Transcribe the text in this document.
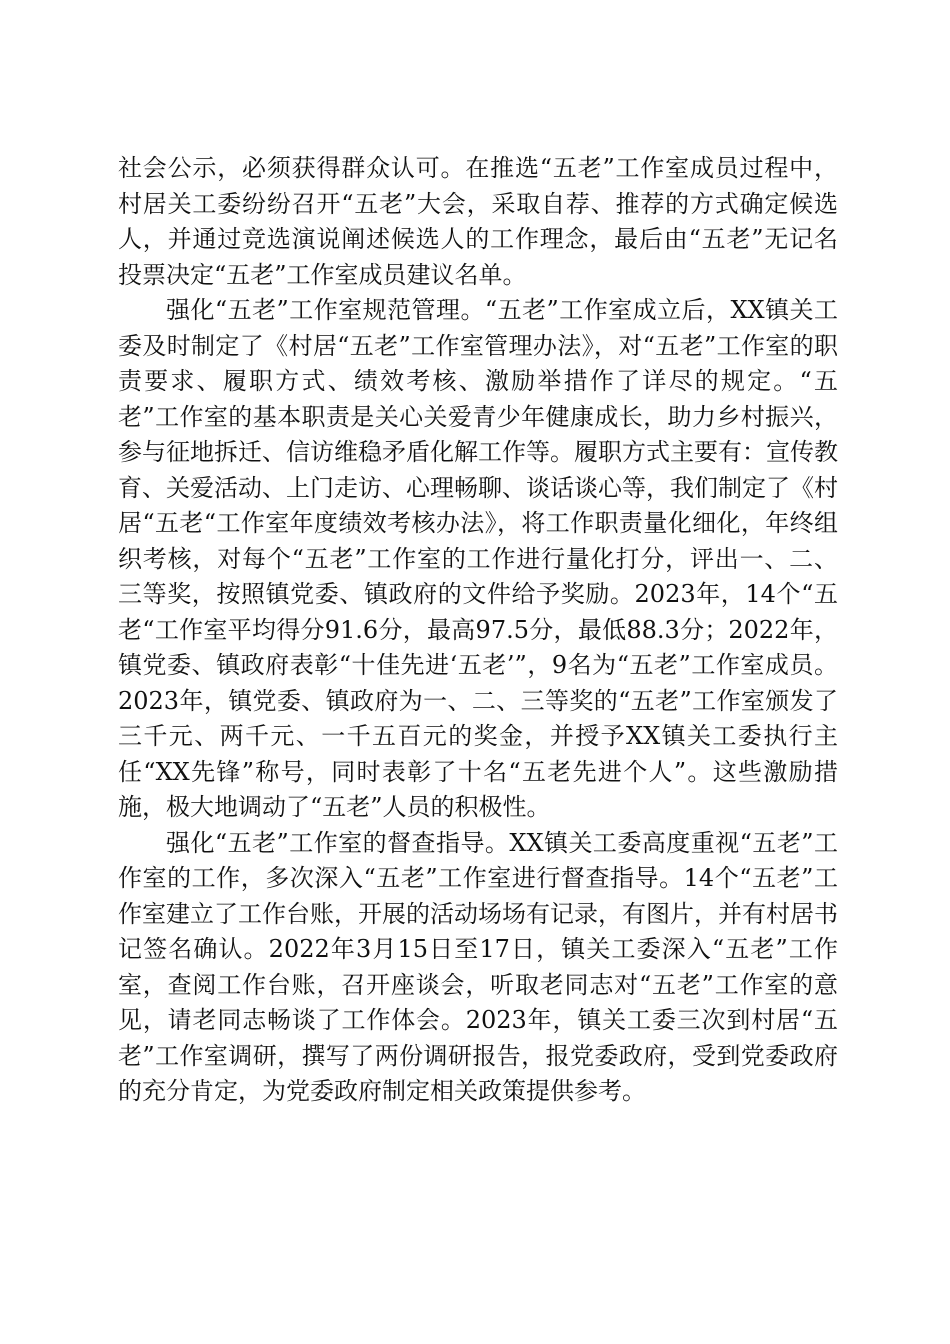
社会公示，必须获得群众认可。在推选“五老”工作室成员过程中，村居关工委纷纷召开“五老”大会，采取自荐、推荐的方式确定候选人，并通过竞选演说阐述候选人的工作理念，最后由“五老”无记名投票决定“五老”工作室成员建议名单。

强化“五老”工作室规范管理。“五老”工作室成立后，XX镇关工委及时制定了《村居“五老”工作室管理办法》，对“五老”工作室的职责要求、履职方式、绩效考核、激励举措作了详尽的规定。“五老”工作室的基本职责是关心关爱青少年健康成长，助力乡村振兴，参与征地拆迁、信访维稳矛盾化解工作等。履职方式主要有：宣传教育、关爱活动、上门走访、心理畅聊、谈话谈心等，我们制定了《村居“五老“工作室年度绩效考核办法》，将工作职责量化细化，年终组织考核，对每个“五老”工作室的工作进行量化打分，评出一、二、三等奖，按照镇党委、镇政府的文件给予奖励。2023年，14个“五老“工作室平均得分91.6分，最高97.5分，最低88.3分；2022年，镇党委、镇政府表彰“十佳先进‘五老’”，9名为“五老”工作室成员。2023年，镇党委、镇政府为一、二、三等奖的“五老”工作室颁发了三千元、两千元、一千五百元的奖金，并授予XX镇关工委执行主任“XX先锋”称号，同时表彰了十名“五老先进个人”。这些激励措施，极大地调动了“五老”人员的积极性。

强化“五老”工作室的督查指导。XX镇关工委高度重视“五老”工作室的工作，多次深入“五老”工作室进行督查指导。14个“五老”工作室建立了工作台账，开展的活动场场有记录，有图片，并有村居书记签名确认。2022年3月15日至17日，镇关工委深入“五老”工作室，查阅工作台账，召开座谈会，听取老同志对“五老”工作室的意见，请老同志畅谈了工作体会。2023年，镇关工委三次到村居“五老”工作室调研，撰写了两份调研报告，报党委政府，受到党委政府的充分肯定，为党委政府制定相关政策提供参考。
